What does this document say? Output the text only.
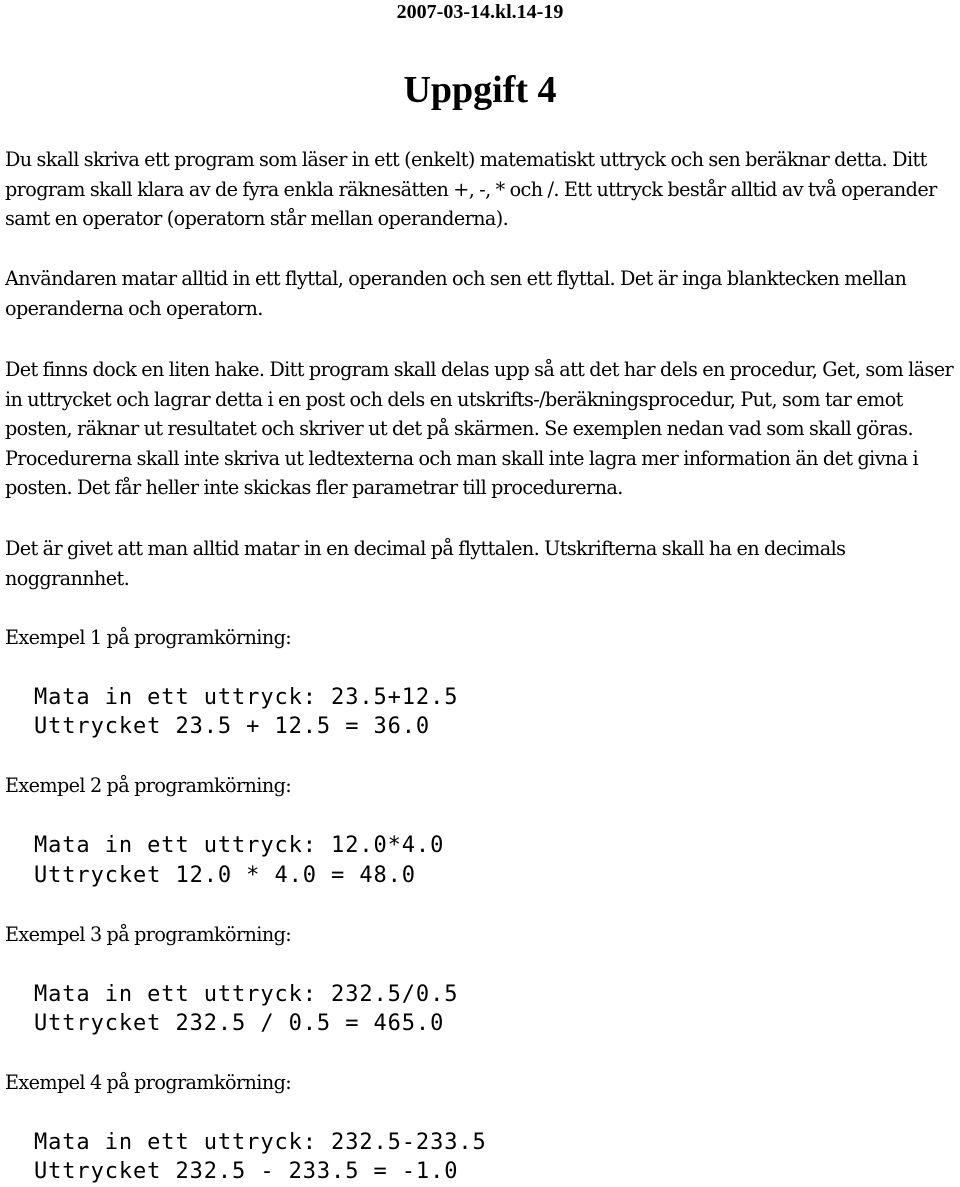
2007-03-14.kl.14-19
Uppgift 4

Du skall skriva ett program som läser in ett (enkelt) matematiskt uttryck och sen beräknar detta. Ditt program skall klara av de fyra enkla räknesätten +, -, * och /. Ett uttryck består alltid av två operander samt en operator (operatorn står mellan operanderna).

Användaren matar alltid in ett flyttal, operanden och sen ett flyttal. Det är inga blanktecken mellan operanderna och operatorn.

Det finns dock en liten hake. Ditt program skall delas upp så att det har dels en procedur, Get, som läser in uttrycket och lagrar detta i en post och dels en utskrifts-/beräkningsprocedur, Put, som tar emot posten, räknar ut resultatet och skriver ut det på skärmen. Se exemplen nedan vad som skall göras. Procedurerna skall inte skriva ut ledtexterna och man skall inte lagra mer information än det givna i posten. Det får heller inte skickas fler parametrar till procedurerna.

Det är givet att man alltid matar in en decimal på flyttalen. Utskrifterna skall ha en decimals noggrannhet.

Exempel 1 på programkörning:

Mata in ett uttryck: 23.5+12.5
Uttrycket 23.5 + 12.5 = 36.0

Exempel 2 på programkörning:

Mata in ett uttryck: 12.0*4.0
Uttrycket 12.0 * 4.0 = 48.0

Exempel 3 på programkörning:

Mata in ett uttryck: 232.5/0.5
Uttrycket 232.5 / 0.5 = 465.0

Exempel 4 på programkörning:

Mata in ett uttryck: 232.5-233.5
Uttrycket 232.5 - 233.5 = -1.0
